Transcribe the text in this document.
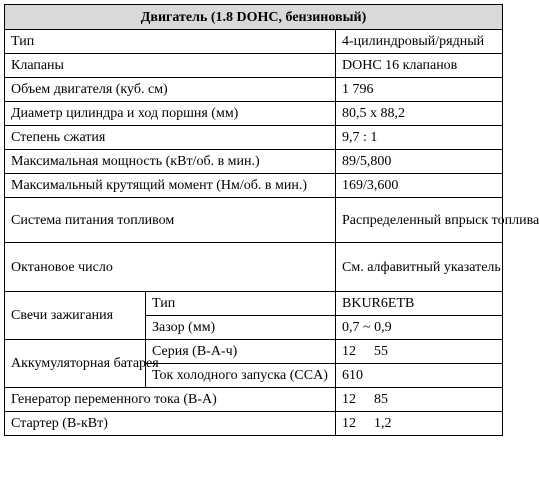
Двигатель (1.8 DOHC, бензиновый)		
Тип		4-цилиндровый/рядный
Клапаны		DOHC 16 клапанов
Объем двигателя (куб. см)		1 796
Диаметр цилиндра и ход поршня (мм)		80,5 x 88,2
Степень сжатия		9,7 : 1
Максимальная мощность (кВт/об. в мин.)		89/5,800
Максимальный крутящий момент (Нм/об. в мин.)		169/3,600
Система питания топливом		Распределенный впрыск топлива
Октановое число		См. алфавитный указатель
Свечи зажигания	Тип	BKUR6ETB
	Зазор (мм)	0,7 ~ 0,9
Аккумуляторная батарея	Серия (В-А-ч)	12 55
	Ток холодного запуска (CCA)	610
Генератор переменного тока (В-А)		12 85
Стартер (В-кВт)		12 1,2
